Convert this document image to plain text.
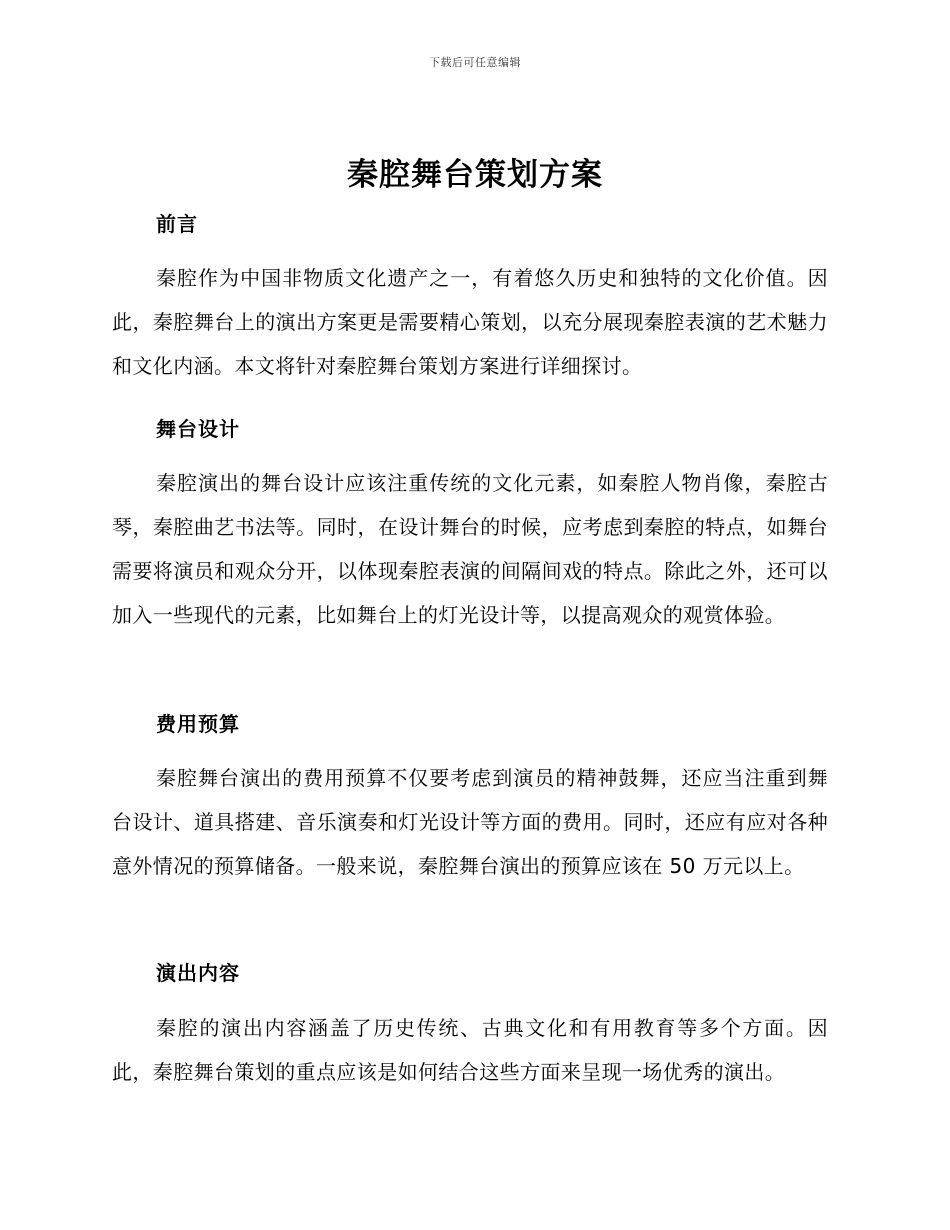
下载后可任意编辑
秦腔舞台策划方案
前言
秦腔作为中国非物质文化遗产之一，有着悠久历史和独特的文化价值。因此，秦腔舞台上的演出方案更是需要精心策划，以充分展现秦腔表演的艺术魅力和文化内涵。本文将针对秦腔舞台策划方案进行详细探讨。
舞台设计
秦腔演出的舞台设计应该注重传统的文化元素，如秦腔人物肖像，秦腔古琴，秦腔曲艺书法等。同时，在设计舞台的时候，应考虑到秦腔的特点，如舞台需要将演员和观众分开，以体现秦腔表演的间隔间戏的特点。除此之外，还可以加入一些现代的元素，比如舞台上的灯光设计等，以提高观众的观赏体验。
费用预算
秦腔舞台演出的费用预算不仅要考虑到演员的精神鼓舞，还应当注重到舞台设计、道具搭建、音乐演奏和灯光设计等方面的费用。同时，还应有应对各种意外情况的预算储备。一般来说，秦腔舞台演出的预算应该在 50 万元以上。
演出内容
秦腔的演出内容涵盖了历史传统、古典文化和有用教育等多个方面。因此，秦腔舞台策划的重点应该是如何结合这些方面来呈现一场优秀的演出。
